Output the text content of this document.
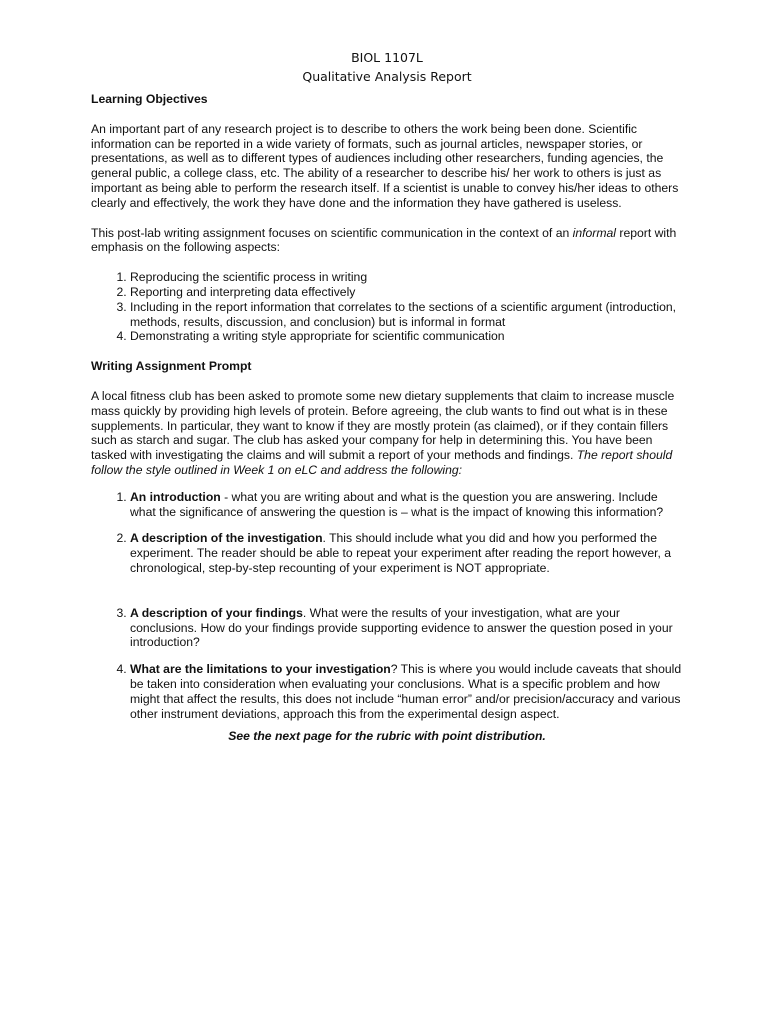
BIOL 1107L
Qualitative Analysis Report
Learning Objectives

An important part of any research project is to describe to others the work being been done. Scientific information can be reported in a wide variety of formats, such as journal articles, newspaper stories, or presentations, as well as to different types of audiences including other researchers, funding agencies, the general public, a college class, etc. The ability of a researcher to describe his/ her work to others is just as important as being able to perform the research itself. If a scientist is unable to convey his/her ideas to others clearly and effectively, the work they have done and the information they have gathered is useless.

This post-lab writing assignment focuses on scientific communication in the context of an informal report with emphasis on the following aspects:

1. Reproducing the scientific process in writing
2. Reporting and interpreting data effectively
3. Including in the report information that correlates to the sections of a scientific argument (introduction, methods, results, discussion, and conclusion) but is informal in format
4. Demonstrating a writing style appropriate for scientific communication
Writing Assignment Prompt

A local fitness club has been asked to promote some new dietary supplements that claim to increase muscle mass quickly by providing high levels of protein. Before agreeing, the club wants to find out what is in these supplements. In particular, they want to know if they are mostly protein (as claimed), or if they contain fillers such as starch and sugar. The club has asked your company for help in determining this. You have been tasked with investigating the claims and will submit a report of your methods and findings. The report should follow the style outlined in Week 1 on eLC and address the following:

1. An introduction - what you are writing about and what is the question you are answering. Include what the significance of answering the question is – what is the impact of knowing this information?
2. A description of the investigation. This should include what you did and how you performed the experiment. The reader should be able to repeat your experiment after reading the report however, a chronological, step-by-step recounting of your experiment is NOT appropriate.
3. A description of your findings. What were the results of your investigation, what are your conclusions. How do your findings provide supporting evidence to answer the question posed in your introduction?
4. What are the limitations to your investigation? This is where you would include caveats that should be taken into consideration when evaluating your conclusions. What is a specific problem and how might that affect the results, this does not include “human error” and/or precision/accuracy and various other instrument deviations, approach this from the experimental design aspect.

See the next page for the rubric with point distribution.
